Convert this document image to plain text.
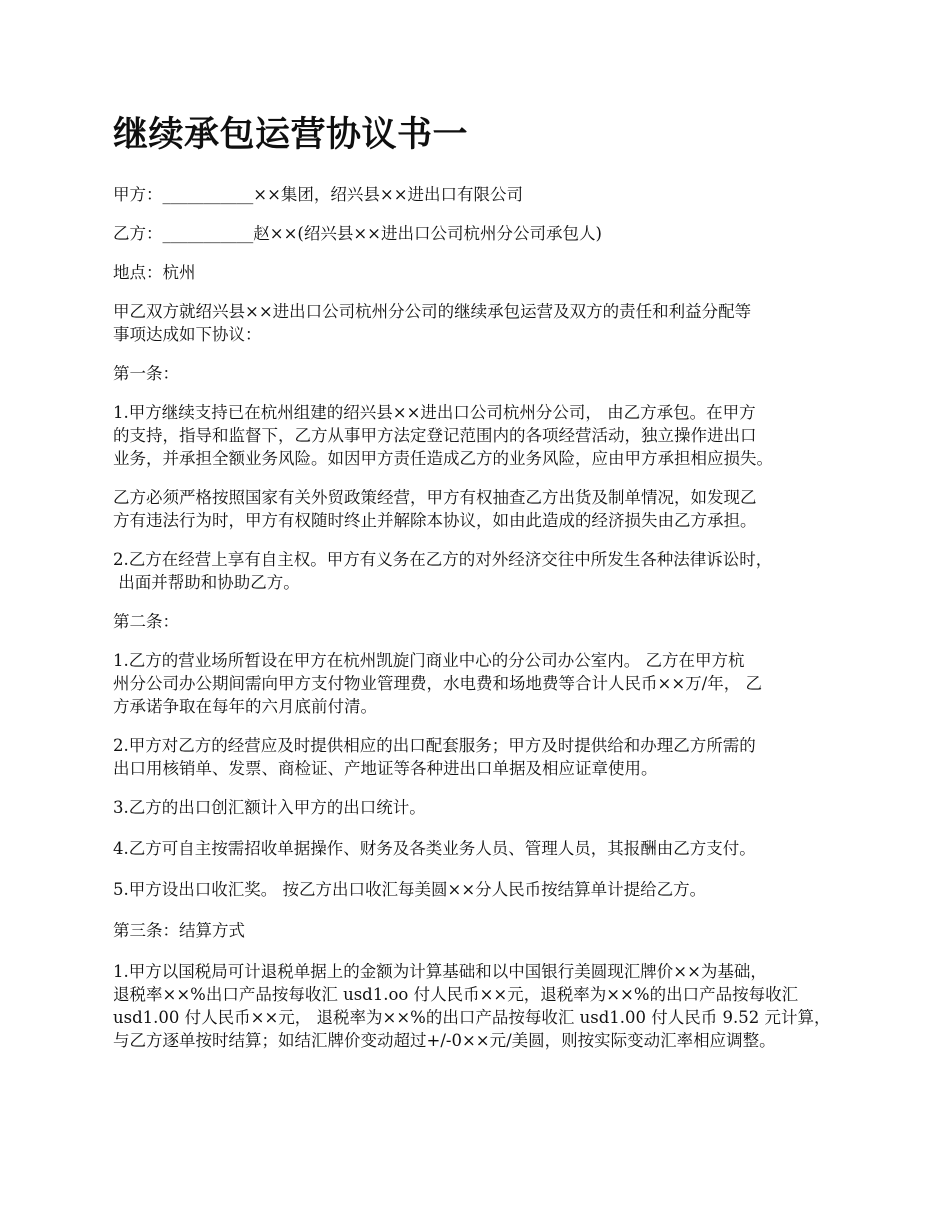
继续承包运营协议书一

甲方：___________××集团，绍兴县××进出口有限公司

乙方：___________赵××(绍兴县××进出口公司杭州分公司承包人)

地点：杭州

甲乙双方就绍兴县××进出口公司杭州分公司的继续承包运营及双方的责任和利益分配等
事项达成如下协议：

第一条：

1.甲方继续支持已在杭州组建的绍兴县××进出口公司杭州分公司， 由乙方承包。在甲方
的支持，指导和监督下，乙方从事甲方法定登记范围内的各项经营活动，独立操作进出口
业务，并承担全额业务风险。如因甲方责任造成乙方的业务风险，应由甲方承担相应损失。

乙方必须严格按照国家有关外贸政策经营，甲方有权抽查乙方出货及制单情况，如发现乙
方有违法行为时，甲方有权随时终止并解除本协议，如由此造成的经济损失由乙方承担。

2.乙方在经营上享有自主权。甲方有义务在乙方的对外经济交往中所发生各种法律诉讼时，
出面并帮助和协助乙方。

第二条：

1.乙方的营业场所暂设在甲方在杭州凯旋门商业中心的分公司办公室内。 乙方在甲方杭
州分公司办公期间需向甲方支付物业管理费，水电费和场地费等合计人民币××万/年， 乙
方承诺争取在每年的六月底前付清。

2.甲方对乙方的经营应及时提供相应的出口配套服务；甲方及时提供给和办理乙方所需的
出口用核销单、发票、商检证、产地证等各种进出口单据及相应证章使用。

3.乙方的出口创汇额计入甲方的出口统计。

4.乙方可自主按需招收单据操作、财务及各类业务人员、管理人员，其报酬由乙方支付。

5.甲方设出口收汇奖。 按乙方出口收汇每美圆××分人民币按结算单计提给乙方。

第三条：结算方式

1.甲方以国税局可计退税单据上的金额为计算基础和以中国银行美圆现汇牌价××为基础，
退税率××%出口产品按每收汇 usd1.oo 付人民币××元，退税率为××%的出口产品按每收汇
usd1.00 付人民币××元， 退税率为××%的出口产品按每收汇 usd1.00 付人民币 9.52 元计算，
与乙方逐单按时结算；如结汇牌价变动超过+/-0××元/美圆，则按实际变动汇率相应调整。
